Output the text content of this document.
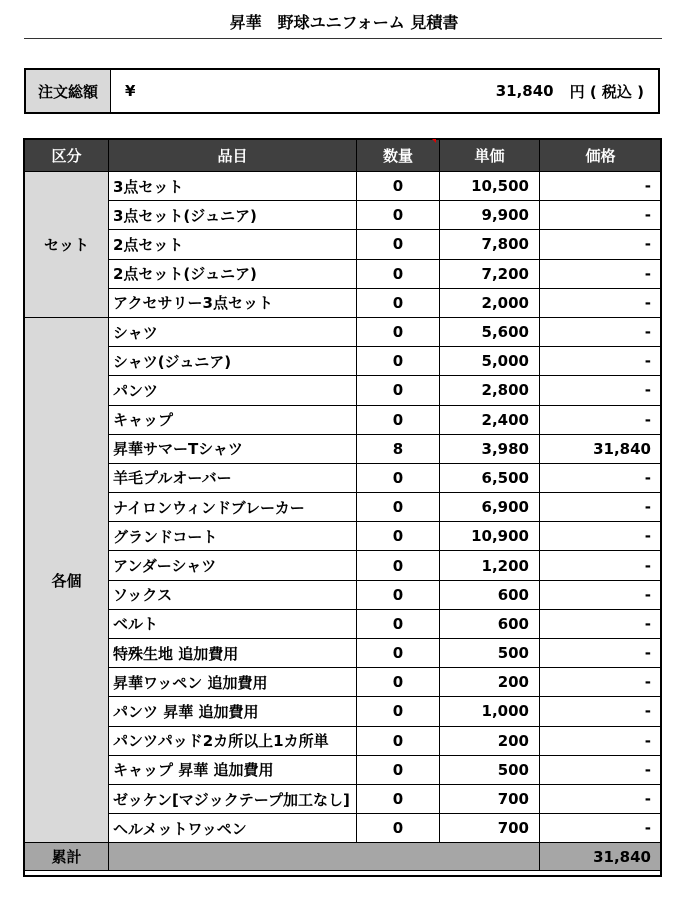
昇華　野球ユニフォーム 見積書
注文総額	¥	31,840	円 ( 税込 )
区分	品目	数量	単価	価格
セット	3点セット	0	10,500	-
	3点セット(ジュニア)	0	9,900	-
	2点セット	0	7,800	-
	2点セット(ジュニア)	0	7,200	-
	アクセサリー3点セット	0	2,000	-
各個	シャツ	0	5,600	-
	シャツ(ジュニア)	0	5,000	-
	パンツ	0	2,800	-
	キャップ	0	2,400	-
	昇華サマーTシャツ	8	3,980	31,840
	羊毛プルオーバー	0	6,500	-
	ナイロンウィンドブレーカー	0	6,900	-
	グランドコート	0	10,900	-
	アンダーシャツ	0	1,200	-
	ソックス	0	600	-
	ベルト	0	600	-
	特殊生地 追加費用	0	500	-
	昇華ワッペン 追加費用	0	200	-
	パンツ 昇華 追加費用	0	1,000	-
	パンツパッド2カ所以上1カ所単	0	200	-
	キャップ 昇華 追加費用	0	500	-
	ゼッケン[マジックテープ加工なし]	0	700	-
	ヘルメットワッペン	0	700	-
累計				31,840
